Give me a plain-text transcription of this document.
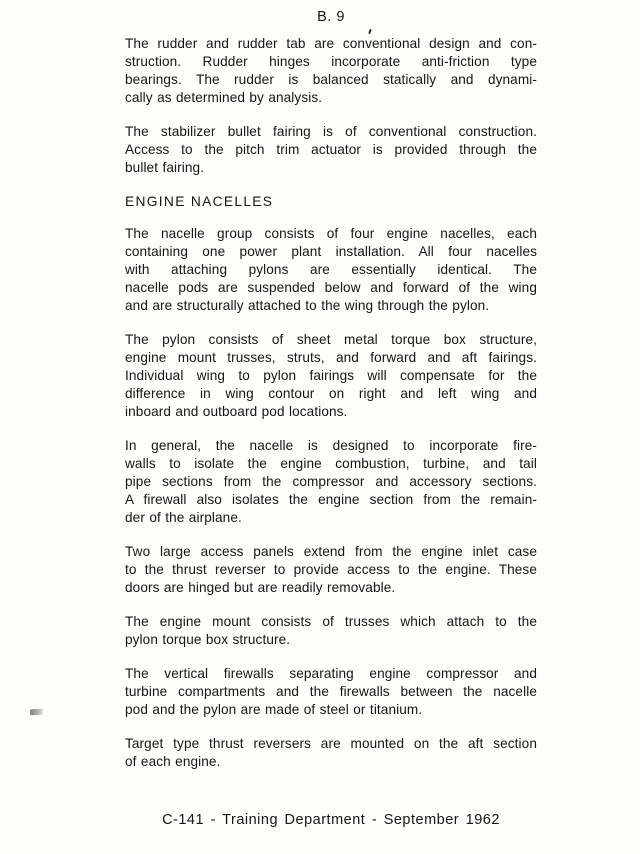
B. 9
The rudder and rudder tab are conventional design and con-
struction. Rudder hinges incorporate anti-friction type
bearings. The rudder is balanced statically and dynami-
cally as determined by analysis.
The stabilizer bullet fairing is of conventional construction.
Access to the pitch trim actuator is provided through the
bullet fairing.
ENGINE NACELLES
The nacelle group consists of four engine nacelles, each
containing one power plant installation. All four nacelles
with attaching pylons are essentially identical. The
nacelle pods are suspended below and forward of the wing
and are structurally attached to the wing through the pylon.
The pylon consists of sheet metal torque box structure,
engine mount trusses, struts, and forward and aft fairings.
Individual wing to pylon fairings will compensate for the
difference in wing contour on right and left wing and
inboard and outboard pod locations.
In general, the nacelle is designed to incorporate fire-
walls to isolate the engine combustion, turbine, and tail
pipe sections from the compressor and accessory sections.
A firewall also isolates the engine section from the remain-
der of the airplane.
Two large access panels extend from the engine inlet case
to the thrust reverser to provide access to the engine. These
doors are hinged but are readily removable.
The engine mount consists of trusses which attach to the
pylon torque box structure.
The vertical firewalls separating engine compressor and
turbine compartments and the firewalls between the nacelle
pod and the pylon are made of steel or titanium.
Target type thrust reversers are mounted on the aft section
of each engine.
C-141 - Training Department - September 1962
